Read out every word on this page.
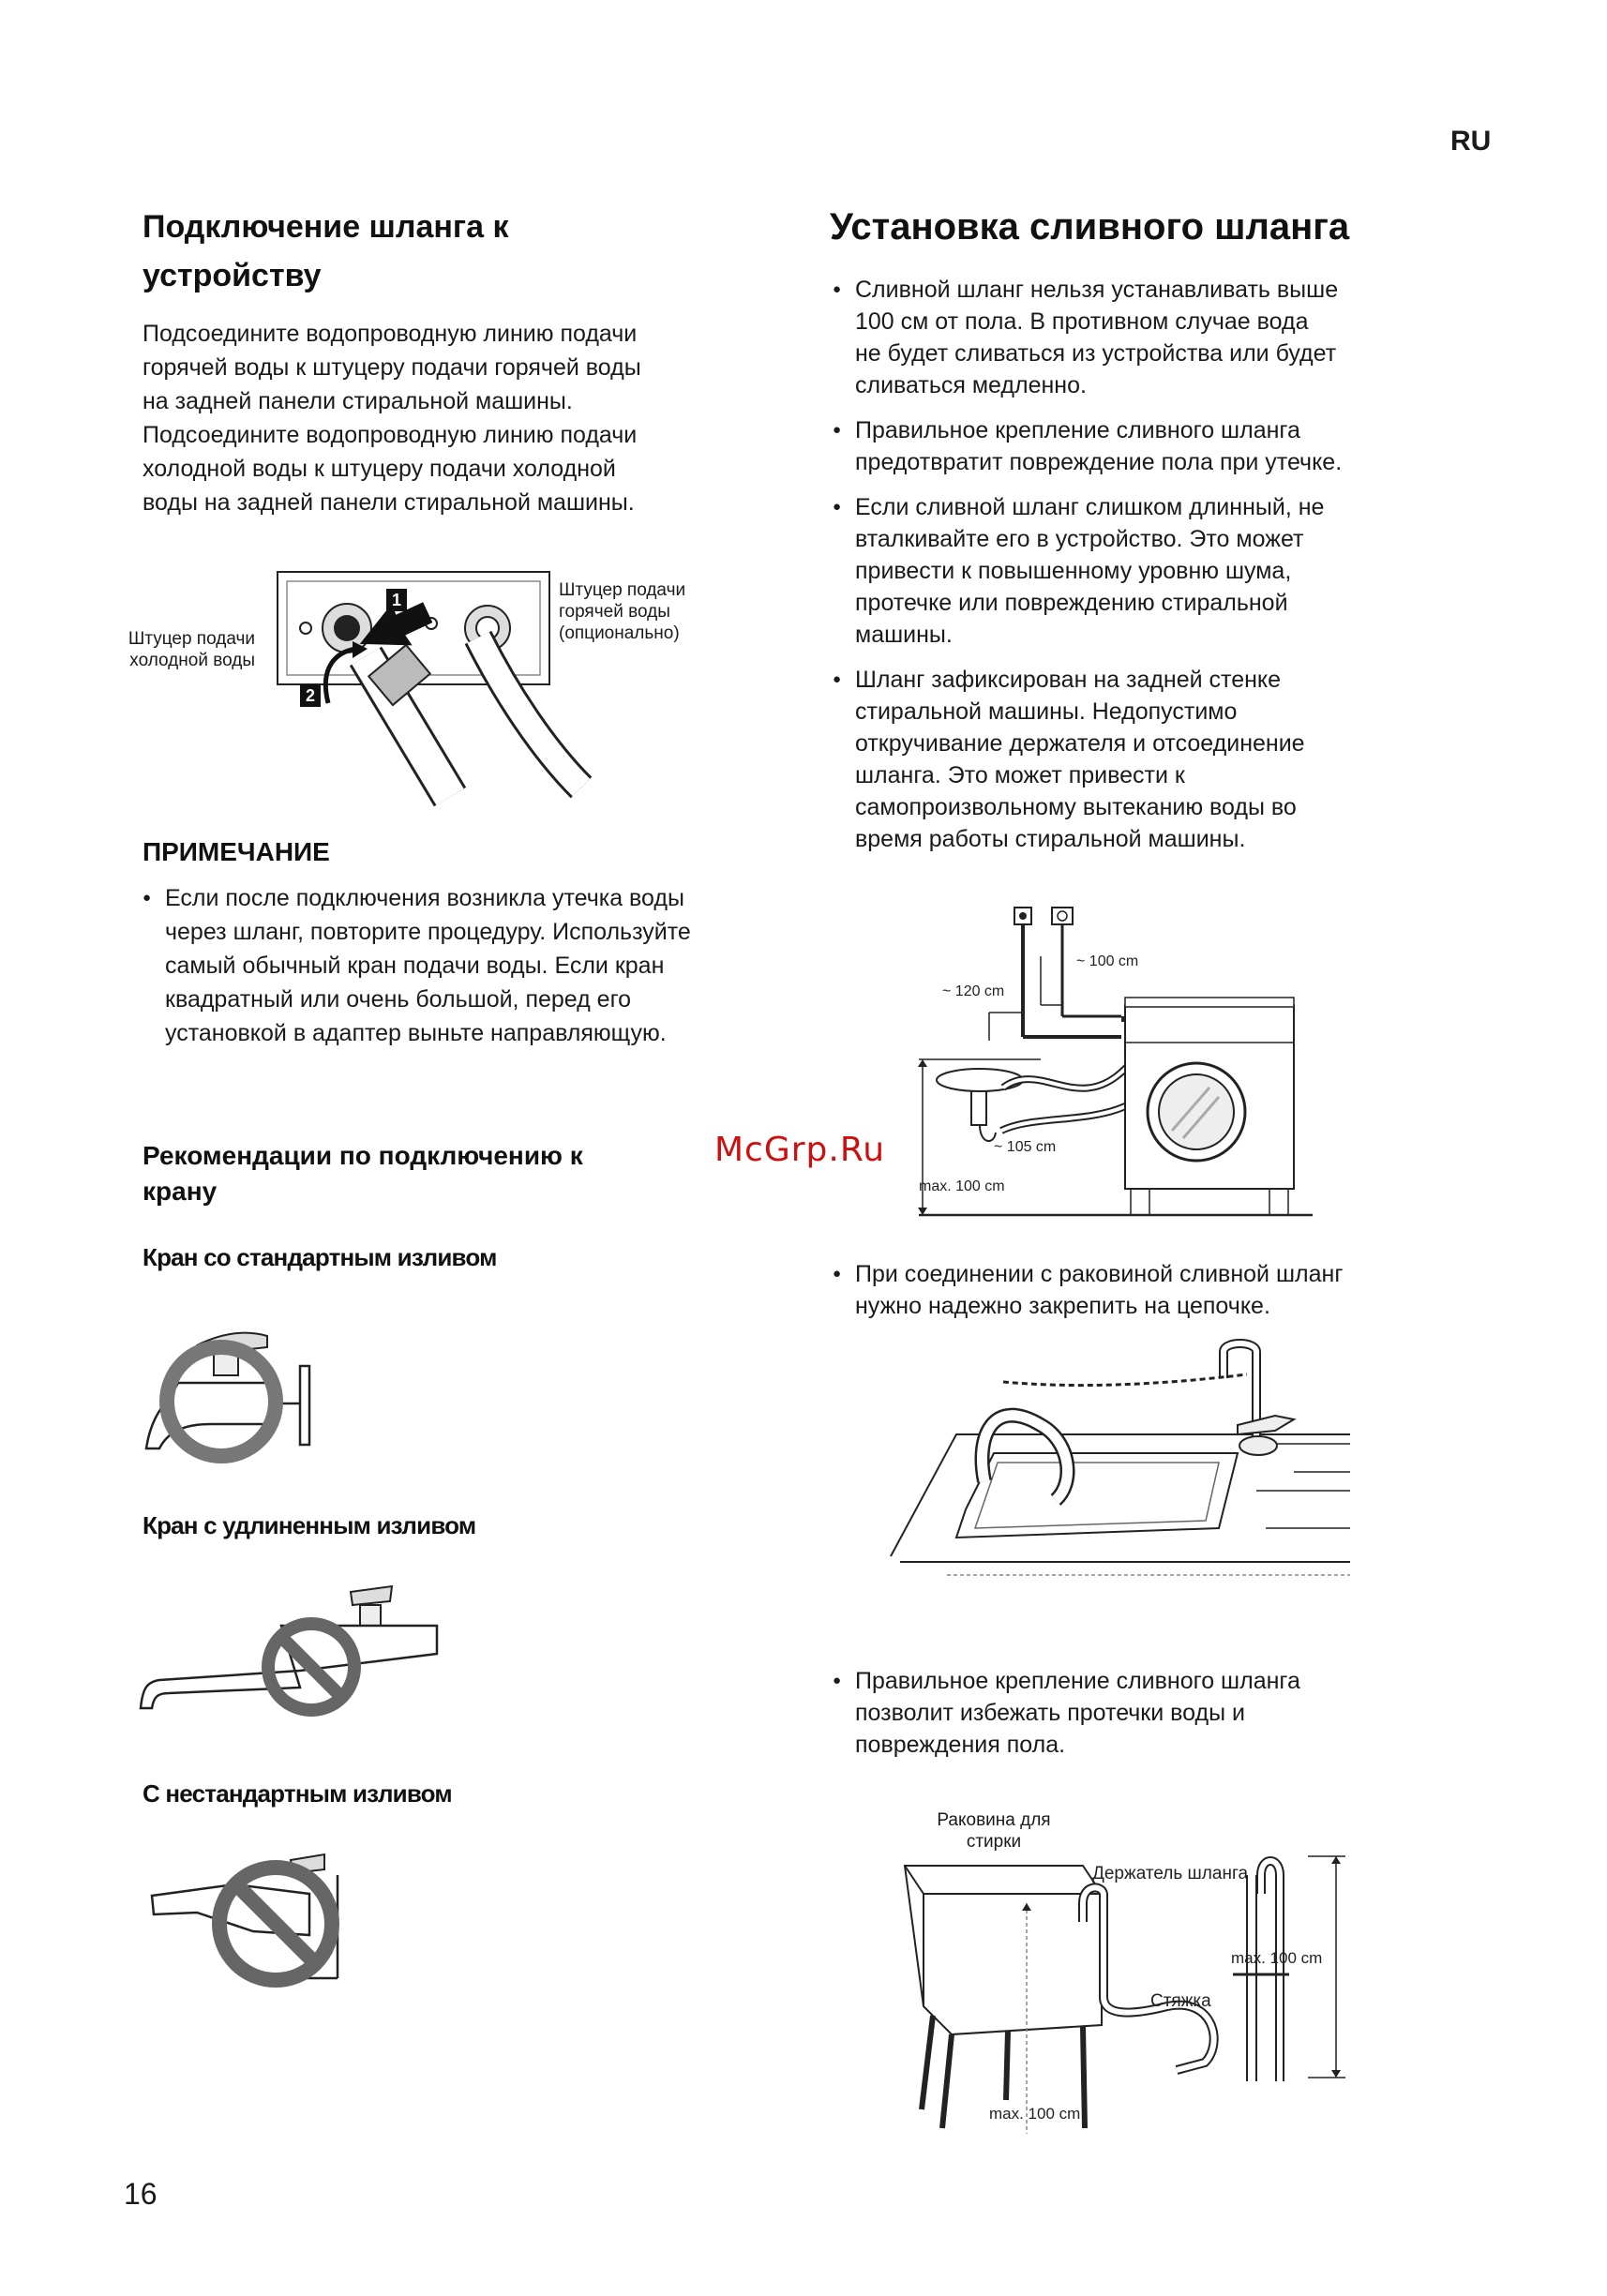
RU
Подключение шланга к устройству
Подсоедините водопроводную линию подачи
горячей воды к штуцеру подачи горячей воды
на задней панели стиральной машины.
Подсоедините водопроводную линию подачи
холодной воды к штуцеру подачи холодной
воды на задней панели стиральной машины.
Штуцер подачи
холодной воды
Штуцер подачи
горячей воды
(опционально)
1
2
ПРИМЕЧАНИЕ
● Если после подключения возникла утечка воды
через шланг, повторите процедуру. Используйте
самый обычный кран подачи воды. Если кран
квадратный или очень большой, перед его
установкой в адаптер выньте направляющую.
Рекомендации по подключению к
крану
McGrp.Ru
Кран со стандартным изливом
Кран с удлиненным изливом
С нестандартным изливом
16
Установка сливного шланга
● Сливной шланг нельзя устанавливать выше
100 см от пола. В противном случае вода
не будет сливаться из устройства или будет
сливаться медленно.
● Правильное крепление сливного шланга
предотвратит повреждение пола при утечке.
● Если сливной шланг слишком длинный, не
вталкивайте его в устройство. Это может
привести к повышенному уровню шума,
протечке или повреждению стиральной
машины.
● Шланг зафиксирован на задней стенке
стиральной машины. Недопустимо
откручивание держателя и отсоединение
шланга. Это может привести к
самопроизвольному вытеканию воды во
время работы стиральной машины.
~ 100 cm
~ 120 cm
~ 105 cm
max. 100 cm
● При соединении с раковиной сливной шланг
нужно надежно закрепить на цепочке.
● Правильное крепление сливного шланга
позволит избежать протечки воды и
повреждения пола.
Раковина для
стирки
max. 100 cm
Держатель шланга
Стяжка
max. 100 cm
